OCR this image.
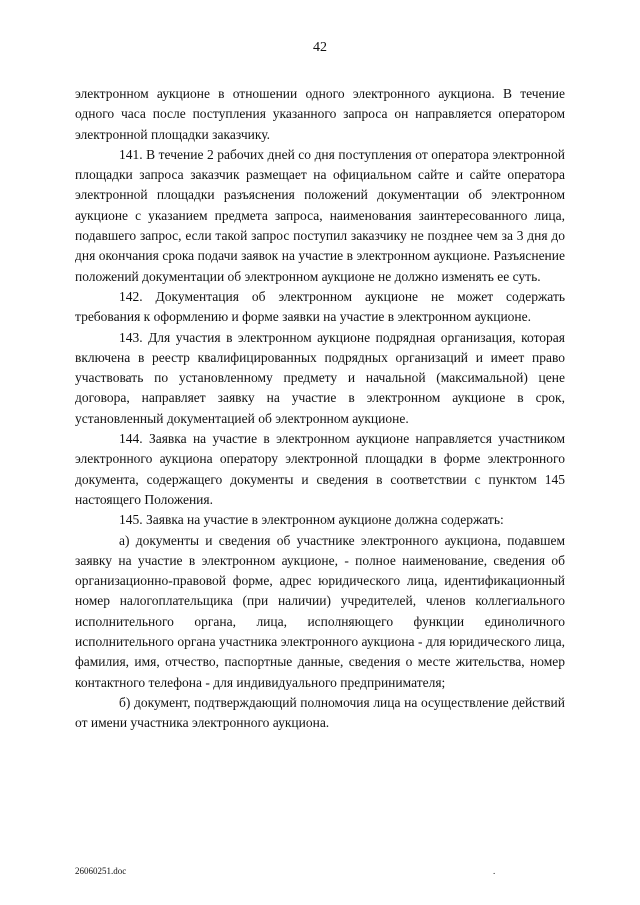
42

электронном аукционе в отношении одного электронного аукциона. В течение одного часа после поступления указанного запроса он направляется оператором электронной площадки заказчику.

141. В течение 2 рабочих дней со дня поступления от оператора электронной площадки запроса заказчик размещает на официальном сайте и сайте оператора электронной площадки разъяснения положений документации об электронном аукционе с указанием предмета запроса, наименования заинтересованного лица, подавшего запрос, если такой запрос поступил заказчику не позднее чем за 3 дня до дня окончания срока подачи заявок на участие в электронном аукционе. Разъяснение положений документации об электронном аукционе не должно изменять ее суть.

142. Документация об электронном аукционе не может содержать требования к оформлению и форме заявки на участие в электронном аукционе.

143. Для участия в электронном аукционе подрядная организация, которая включена в реестр квалифицированных подрядных организаций и имеет право участвовать по установленному предмету и начальной (максимальной) цене договора, направляет заявку на участие в электронном аукционе в срок, установленный документацией об электронном аукционе.

144. Заявка на участие в электронном аукционе направляется участником электронного аукциона оператору электронной площадки в форме электронного документа, содержащего документы и сведения в соответствии с пунктом 145 настоящего Положения.

145. Заявка на участие в электронном аукционе должна содержать:

а) документы и сведения об участнике электронного аукциона, подавшем заявку на участие в электронном аукционе, - полное наименование, сведения об организационно-правовой форме, адрес юридического лица, идентификационный номер налогоплательщика (при наличии) учредителей, членов коллегиального исполнительного органа, лица, исполняющего функции единоличного исполнительного органа участника электронного аукциона - для юридического лица, фамилия, имя, отчество, паспортные данные, сведения о месте жительства, номер контактного телефона - для индивидуального предпринимателя;

б) документ, подтверждающий полномочия лица на осуществление действий от имени участника электронного аукциона.

26060251.doc	.
